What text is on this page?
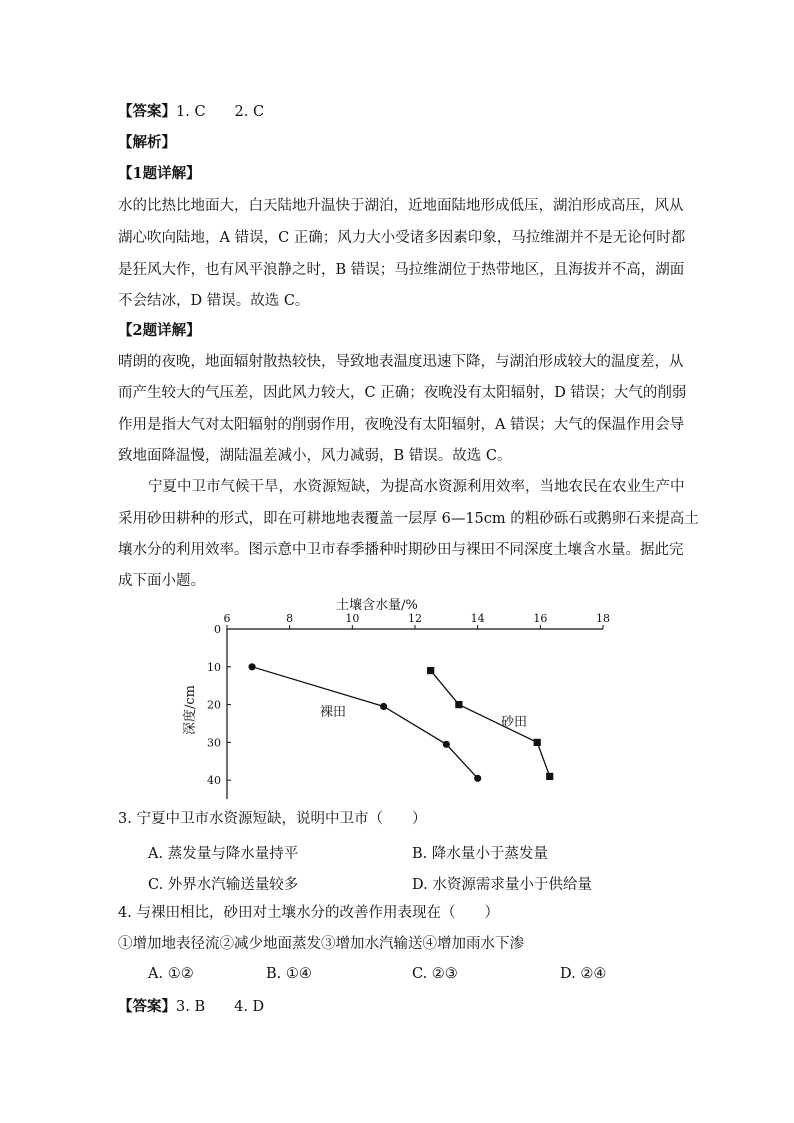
【答案】1. C　　2. C
【解析】
【1题详解】
水的比热比地面大，白天陆地升温快于湖泊，近地面陆地形成低压，湖泊形成高压，风从
湖心吹向陆地，A 错误，C 正确；风力大小受诸多因素印象，马拉维湖并不是无论何时都
是狂风大作，也有风平浪静之时，B 错误；马拉维湖位于热带地区，且海拔并不高，湖面
不会结冰，D 错误。故选 C。
【2题详解】
晴朗的夜晚，地面辐射散热较快，导致地表温度迅速下降，与湖泊形成较大的温度差，从
而产生较大的气压差，因此风力较大，C 正确；夜晚没有太阳辐射，D 错误；大气的削弱
作用是指大气对太阳辐射的削弱作用，夜晚没有太阳辐射，A 错误；大气的保温作用会导
致地面降温慢，湖陆温差减小，风力减弱，B 错误。故选 C。
宁夏中卫市气候干旱，水资源短缺，为提高水资源利用效率，当地农民在农业生产中
采用砂田耕种的形式，即在可耕地地表覆盖一层厚 6—15cm 的粗砂砾石或鹅卵石来提高土
壤水分的利用效率。图示意中卫市春季播种时期砂田与裸田不同深度土壤含水量。据此完
成下面小题。
土壤含水量/%
深度/cm
6	8	10	12	14	16	18
0
10
20
30
40
裸田
砂田
3. 宁夏中卫市水资源短缺，说明中卫市（　　）
A. 蒸发量与降水量持平	B. 降水量小于蒸发量
C. 外界水汽输送量较多	D. 水资源需求量小于供给量
4. 与裸田相比，砂田对土壤水分的改善作用表现在（　　）
①增加地表径流②减少地面蒸发③增加水汽输送④增加雨水下渗
A. ①②	B. ①④	C. ②③	D. ②④
【答案】3. B　　4. D
